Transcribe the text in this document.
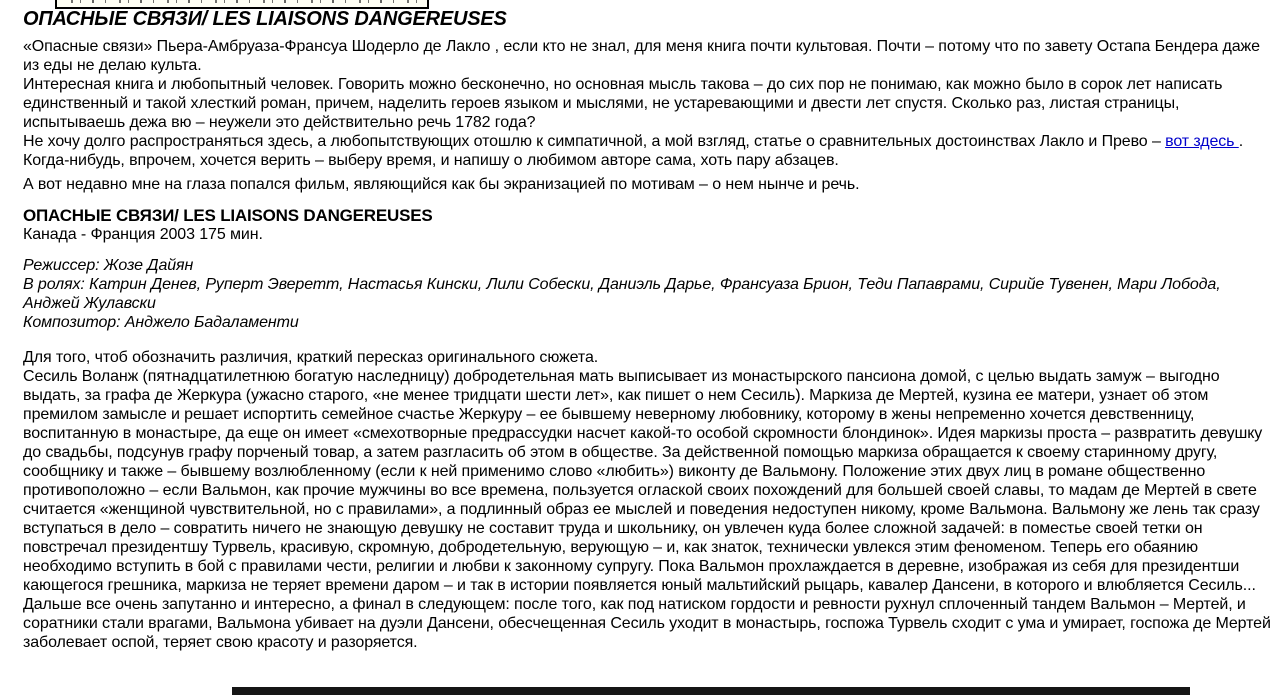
ОПАСНЫЕ СВЯЗИ/ LES LIAISONS DANGEREUSES
«Опасные связи» Пьера-Амбруаза-Франсуа Шодерло де Лакло , если кто не знал, для меня книга почти культовая. Почти – потому что по завету Остапа Бендера даже из еды не делаю культа.
Интересная книга и любопытный человек. Говорить можно бесконечно, но основная мысль такова – до сих пор не понимаю, как можно было в сорок лет написать единственный и такой хлесткий роман, причем, наделить героев языком и мыслями, не устаревающими и двести лет спустя. Сколько раз, листая страницы, испытываешь дежа вю – неужели это действительно речь 1782 года?
Не хочу долго распространяться здесь, а любопытствующих отошлю к симпатичной, а мой взгляд, статье о сравнительных достоинствах Лакло и Прево – вот здесь . Когда-нибудь, впрочем, хочется верить – выберу время, и напишу о любимом авторе сама, хоть пару абзацев.
А вот недавно мне на глаза попался фильм, являющийся как бы экранизацией по мотивам – о нем нынче и речь.
ОПАСНЫЕ СВЯЗИ/ LES LIAISONS DANGEREUSES
Канада - Франция 2003 175 мин.
Режиссер: Жозе Дайян
В ролях: Катрин Денев, Руперт Эверетт, Настасья Кински, Лили Собески, Даниэль Дарье, Франсуаза Брион, Теди Папаврами, Сирийе Тувенен, Мари Лобода, Анджей Жулавски
Композитор: Анджело Бадаламенти
Для того, чтоб обозначить различия, краткий пересказ оригинального сюжета.
Сесиль Воланж (пятнадцатилетнюю богатую наследницу) добродетельная мать выписывает из монастырского пансиона домой, с целью выдать замуж – выгодно выдать, за графа де Жеркура (ужасно старого, «не менее тридцати шести лет», как пишет о нем Сесиль). Маркиза де Мертей, кузина ее матери, узнает об этом премилом замысле и решает испортить семейное счастье Жеркуру – ее бывшему неверному любовнику, которому в жены непременно хочется девственницу, воспитанную в монастыре, да еще он имеет «смехотворные предрассудки насчет какой-то особой скромности блондинок». Идея маркизы проста – развратить девушку до свадьбы, подсунув графу порченый товар, а затем разгласить об этом в обществе. За действенной помощью маркиза обращается к своему старинному другу, сообщнику и также – бывшему возлюбленному (если к ней применимо слово «любить») виконту де Вальмону. Положение этих двух лиц в романе общественно противоположно – если Вальмон, как прочие мужчины во все времена, пользуется оглаской своих похождений для большей своей славы, то мадам де Мертей в свете считается «женщиной чувствительной, но с правилами», а подлинный образ ее мыслей и поведения недоступен никому, кроме Вальмона. Вальмону же лень так сразу вступаться в дело – совратить ничего не знающую девушку не составит труда и школьнику, он увлечен куда более сложной задачей: в поместье своей тетки он повстречал президентшу Турвель, красивую, скромную, добродетельную, верующую – и, как знаток, технически увлекся этим феноменом. Теперь его обаянию необходимо вступить в бой с правилами чести, религии и любви к законному супругу. Пока Вальмон прохлаждается в деревне, изображая из себя для президентши кающегося грешника, маркиза не теряет времени даром – и так в истории появляется юный мальтийский рыцарь, кавалер Дансени, в которого и влюбляется Сесиль...
Дальше все очень запутанно и интересно, а финал в следующем: после того, как под натиском гордости и ревности рухнул сплоченный тандем Вальмон – Мертей, и соратники стали врагами, Вальмона убивает на дуэли Дансени, обесчещенная Сесиль уходит в монастырь, госпожа Турвель сходит с ума и умирает, госпожа де Мертей заболевает оспой, теряет свою красоту и разоряется.
